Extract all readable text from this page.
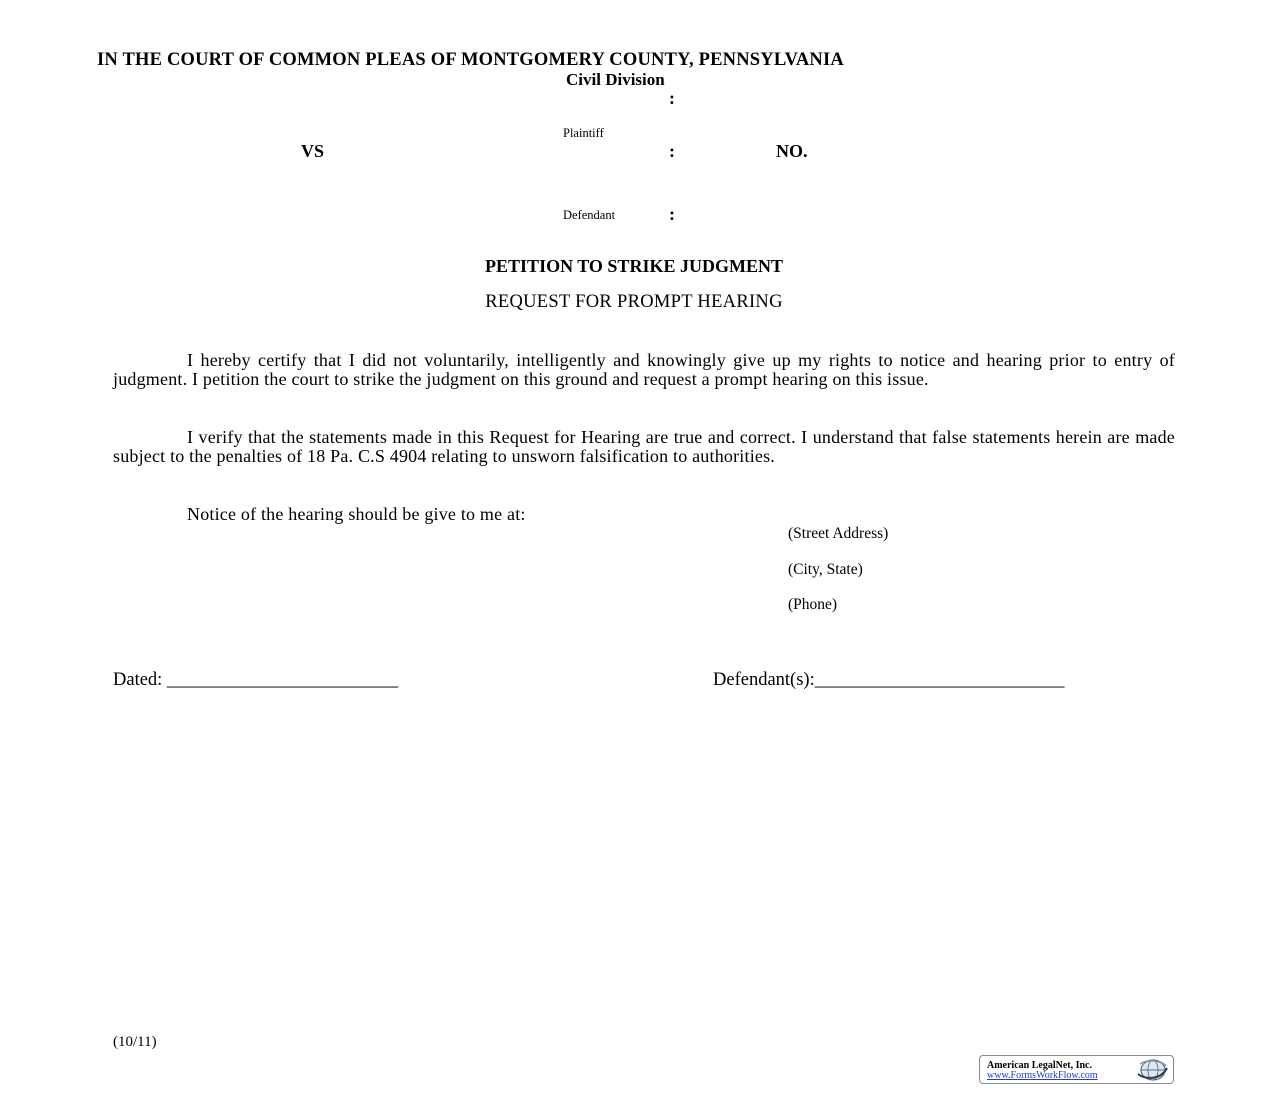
IN THE COURT OF COMMON PLEAS OF MONTGOMERY COUNTY, PENNSYLVANIA
Civil Division
:
Plaintiff
VS	:	NO.
Defendant	:
PETITION TO STRIKE JUDGMENT
REQUEST FOR PROMPT HEARING
I hereby certify that I did not voluntarily, intelligently and knowingly give up my rights to notice and hearing prior to entry of judgment. I petition the court to strike the judgment on this ground and request a prompt hearing on this issue.
I verify that the statements made in this Request for Hearing are true and correct. I understand that false statements herein are made subject to the penalties of 18 Pa. C.S 4904 relating to unsworn falsification to authorities.
Notice of the hearing should be give to me at:
(Street Address)
(City, State)
(Phone)
Dated: _________________________	Defendant(s):___________________________
(10/11)
American LegalNet, Inc.
www.FormsWorkFlow.com
